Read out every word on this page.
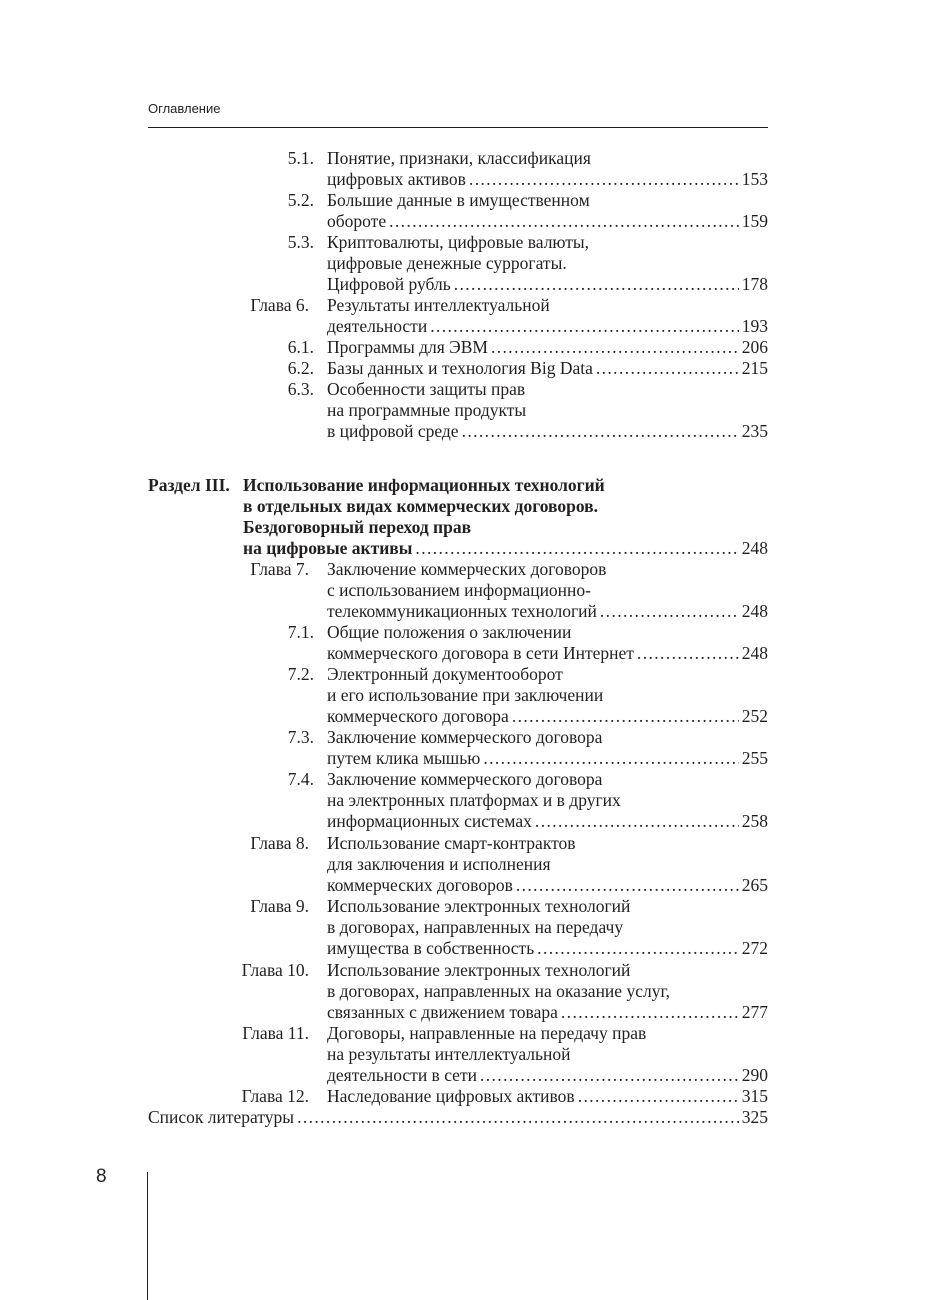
Оглавление
5.1. Понятие, признаки, классификация
цифровых активов .....	153
5.2. Большие данные в имущественном
обороте .....	159
5.3. Криптовалюты, цифровые валюты,
цифровые денежные суррогаты.
Цифровой рубль .....	178
Глава 6. Результаты интеллектуальной
деятельности .....	193
6.1. Программы для ЭВМ .....	206
6.2. Базы данных и технология Big Data .....	215
6.3. Особенности защиты прав
на программные продукты
в цифровой среде .....	235
Раздел III. Использование информационных технологий
в отдельных видах коммерческих договоров.
Бездоговорный переход прав
на цифровые активы .....	248
Глава 7. Заключение коммерческих договоров
с использованием информационно-
телекоммуникационных технологий .....	248
7.1. Общие положения о заключении
коммерческого договора в сети Интернет .....	248
7.2. Электронный документооборот
и его использование при заключении
коммерческого договора .....	252
7.3. Заключение коммерческого договора
путем клика мышью .....	255
7.4. Заключение коммерческого договора
на электронных платформах и в других
информационных системах .....	258
Глава 8. Использование смарт-контрактов
для заключения и исполнения
коммерческих договоров .....	265
Глава 9. Использование электронных технологий
в договорах, направленных на передачу
имущества в собственность .....	272
Глава 10. Использование электронных технологий
в договорах, направленных на оказание услуг,
связанных с движением товара .....	277
Глава 11. Договоры, направленные на передачу прав
на результаты интеллектуальной
деятельности в сети .....	290
Глава 12. Наследование цифровых активов .....	315
Список литературы .....	325
8
